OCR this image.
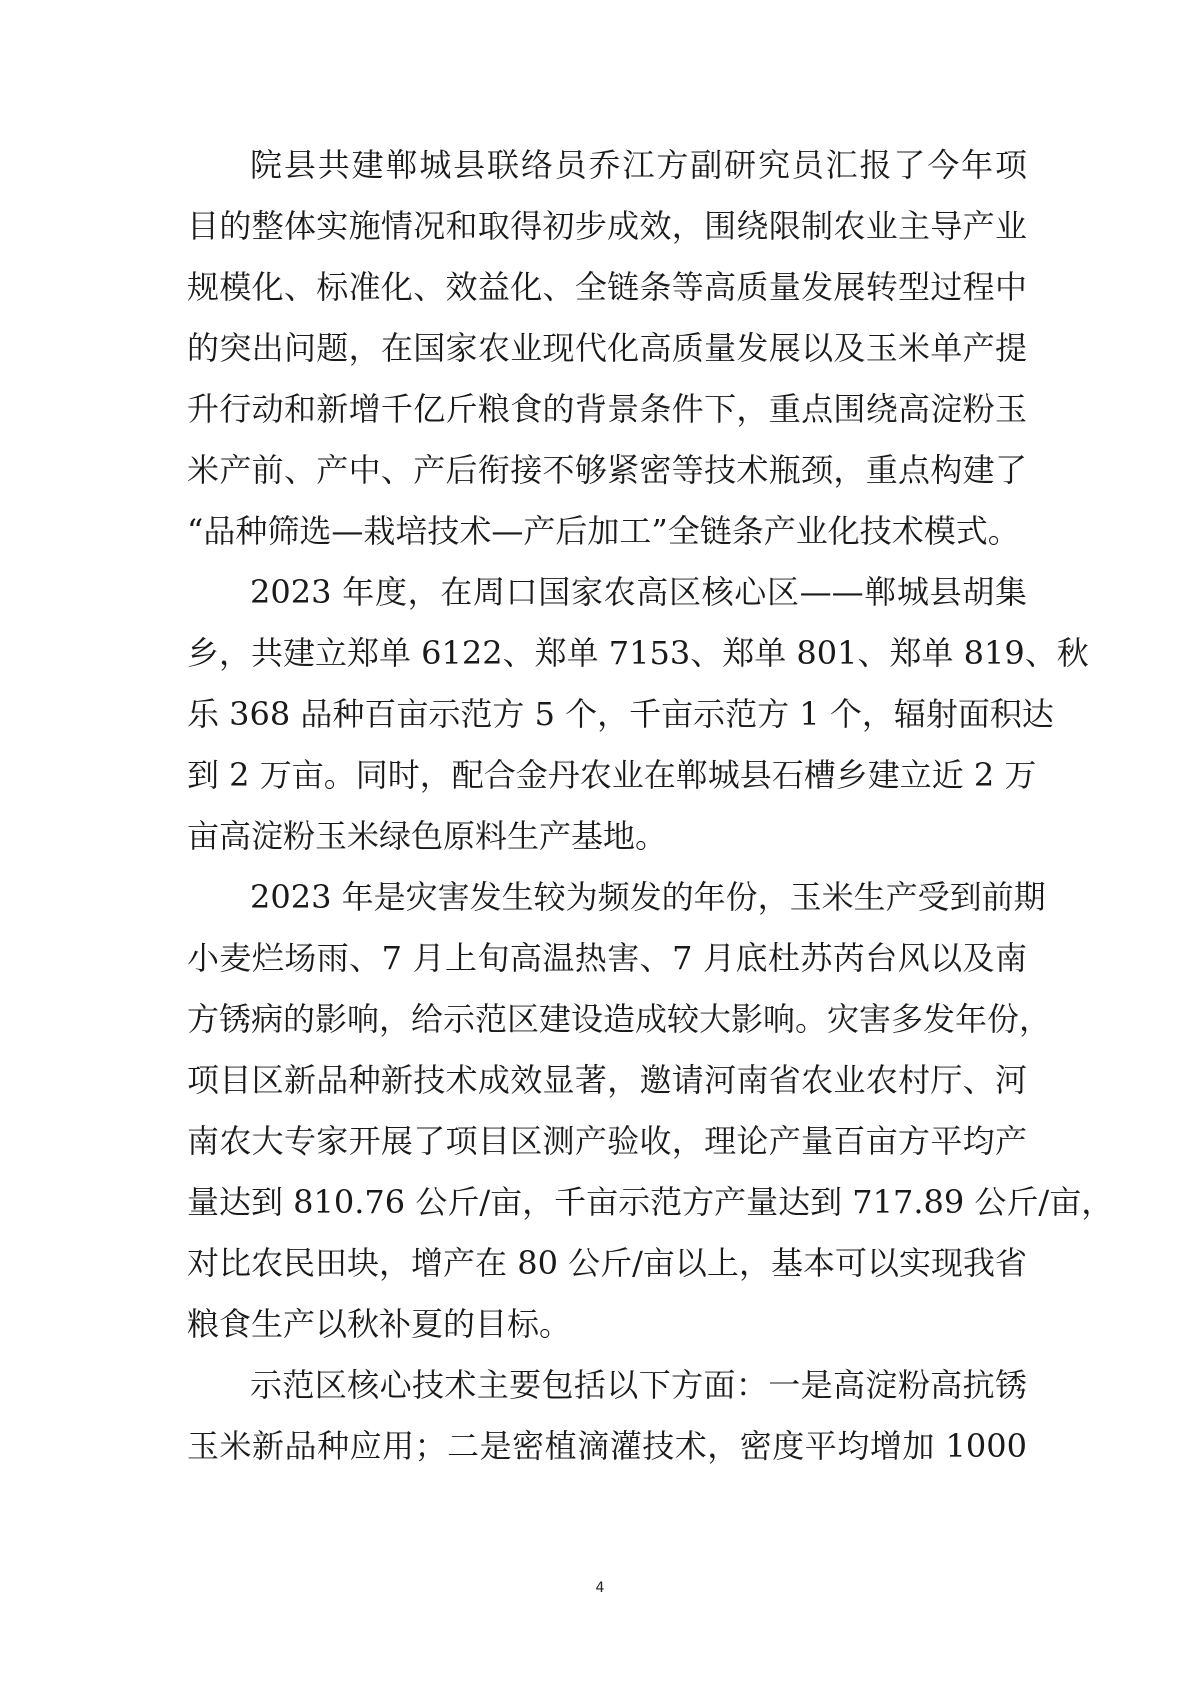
院县共建郸城县联络员乔江方副研究员汇报了今年项
目的整体实施情况和取得初步成效，围绕限制农业主导产业
规模化、标准化、效益化、全链条等高质量发展转型过程中
的突出问题，在国家农业现代化高质量发展以及玉米单产提
升行动和新增千亿斤粮食的背景条件下，重点围绕高淀粉玉
米产前、产中、产后衔接不够紧密等技术瓶颈，重点构建了
“品种筛选—栽培技术—产后加工”全链条产业化技术模式。
2023 年度，在周口国家农高区核心区——郸城县胡集
乡，共建立郑单 6122、郑单 7153、郑单 801、郑单 819、秋
乐 368 品种百亩示范方 5 个，千亩示范方 1 个，辐射面积达
到 2 万亩。同时，配合金丹农业在郸城县石槽乡建立近 2 万
亩高淀粉玉米绿色原料生产基地。
2023 年是灾害发生较为频发的年份，玉米生产受到前期
小麦烂场雨、7 月上旬高温热害、7 月底杜苏芮台风以及南
方锈病的影响，给示范区建设造成较大影响。灾害多发年份，
项目区新品种新技术成效显著，邀请河南省农业农村厅、河
南农大专家开展了项目区测产验收，理论产量百亩方平均产
量达到 810.76 公斤/亩，千亩示范方产量达到 717.89 公斤/亩，
对比农民田块，增产在 80 公斤/亩以上，基本可以实现我省
粮食生产以秋补夏的目标。
示范区核心技术主要包括以下方面：一是高淀粉高抗锈
玉米新品种应用；二是密植滴灌技术，密度平均增加 1000
4
